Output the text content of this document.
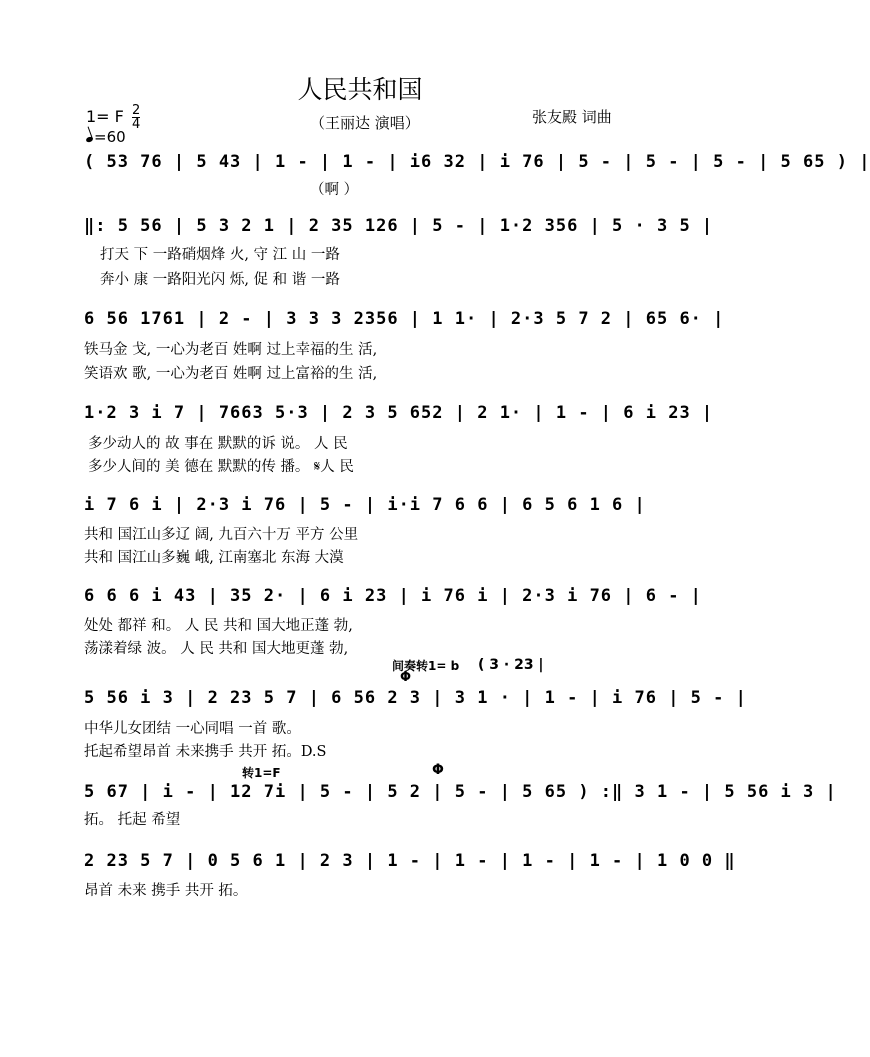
人民共和国
（王丽达 演唱）	张友殿 词曲
1= F $\frac{2}{4}$
=60
( 53 76 | 5 43 | 1 - | 1 - | i6 32 | i 76 | 5 - | 5 - | 5 - | 5 65 ) |
（啊 ）
‖: 5 56 | 5 3 2 1 | 2 35 126 | 5 - | 1·2 356 | 5 · 3 5 |
打天 下 一路硝烟烽 火, 守 江 山 一路
奔小 康 一路阳光闪 烁, 促 和 谐 一路
6 56 1761 | 2 - | 3 3 3 2356 | 1 1· | 2·3 5 7 2 | 65 6· |
铁马金 戈, 一心为老百 姓啊 过上幸福的生 活,
笑语欢 歌, 一心为老百 姓啊 过上富裕的生 活,
1·2 3 i 7 | 7663 5·3 | 2 3 5 652 | 2 1· | 1 - | 6 i 23 |
多少动人的 故 事在 默默的诉 说。 人 民
多少人间的 美 德在 默默的传 播。 𝄋人 民
i 7 6 i | 2·3 i 76 | 5 - | i·i 7 6 6 | 6 5 6 1 6 |
共和 国江山多辽 阔, 九百六十万 平方 公里
共和 国江山多巍 峨, 江南塞北 东海 大漠
6 6 6 i 43 | 35 2· | 6 i 23 | i 76 i | 2·3 i 76 | 6 - |
处处 都祥 和。 人 民 共和 国大地正蓬 勃,
荡漾着绿 波。 人 民 共和 国大地更蓬 勃,
间奏转1= b ( 3 · 23 |
Φ
5 56 i 3 | 2 23 5 7 | 6 56 2 3 | 3 1 · | 1 - | i 76 | 5 - |
中华儿女团结 一心同唱 一首 歌。
托起希望昂首 未来携手 共开 拓。D.S
转1=F	Φ
5 67 | i - | 12 7i | 5 - | 5 2 | 5 - | 5 65 ) :‖ 3 1 - | 5 56 i 3 |
拓。 托起 希望
2 23 5 7 | 0 5 6 1 | 2 3 | 1 - | 1 - | 1 - | 1 - | 1 0 0 ‖
昂首 未来 携手 共开 拓。
